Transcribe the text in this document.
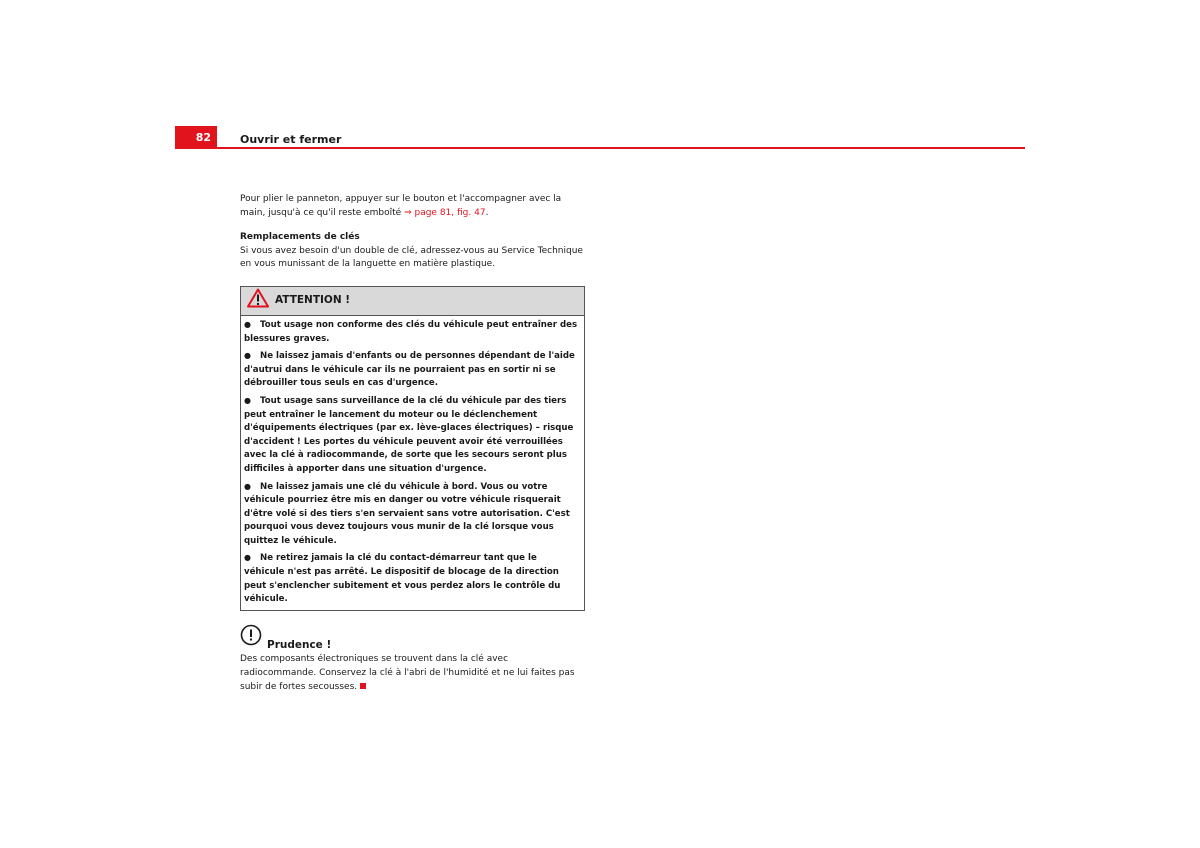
82	Ouvrir et fermer

Pour plier le panneton, appuyer sur le bouton et l'accompagner avec la main, jusqu'à ce qu'il reste emboîté ⇒ page 81, fig. 47.

Remplacements de clés

Si vous avez besoin d'un double de clé, adressez-vous au Service Technique en vous munissant de la languette en matière plastique.

ATTENTION !
● Tout usage non conforme des clés du véhicule peut entraîner des blessures graves.
● Ne laissez jamais d'enfants ou de personnes dépendant de l'aide d'autrui dans le véhicule car ils ne pourraient pas en sortir ni se débrouiller tous seuls en cas d'urgence.
● Tout usage sans surveillance de la clé du véhicule par des tiers peut entraîner le lancement du moteur ou le déclenchement d'équipements électriques (par ex. lève-glaces électriques) – risque d'accident ! Les portes du véhicule peuvent avoir été verrouillées avec la clé à radiocommande, de sorte que les secours seront plus difficiles à apporter dans une situation d'urgence.
● Ne laissez jamais une clé du véhicule à bord. Vous ou votre véhicule pourriez être mis en danger ou votre véhicule risquerait d'être volé si des tiers s'en servaient sans votre autorisation. C'est pourquoi vous devez toujours vous munir de la clé lorsque vous quittez le véhicule.
● Ne retirez jamais la clé du contact-démarreur tant que le véhicule n'est pas arrêté. Le dispositif de blocage de la direction peut s'enclencher subitement et vous perdez alors le contrôle du véhicule.
Prudence !

Des composants électroniques se trouvent dans la clé avec radiocommande. Conservez la clé à l'abri de l'humidité et ne lui faites pas subir de fortes secousses.
